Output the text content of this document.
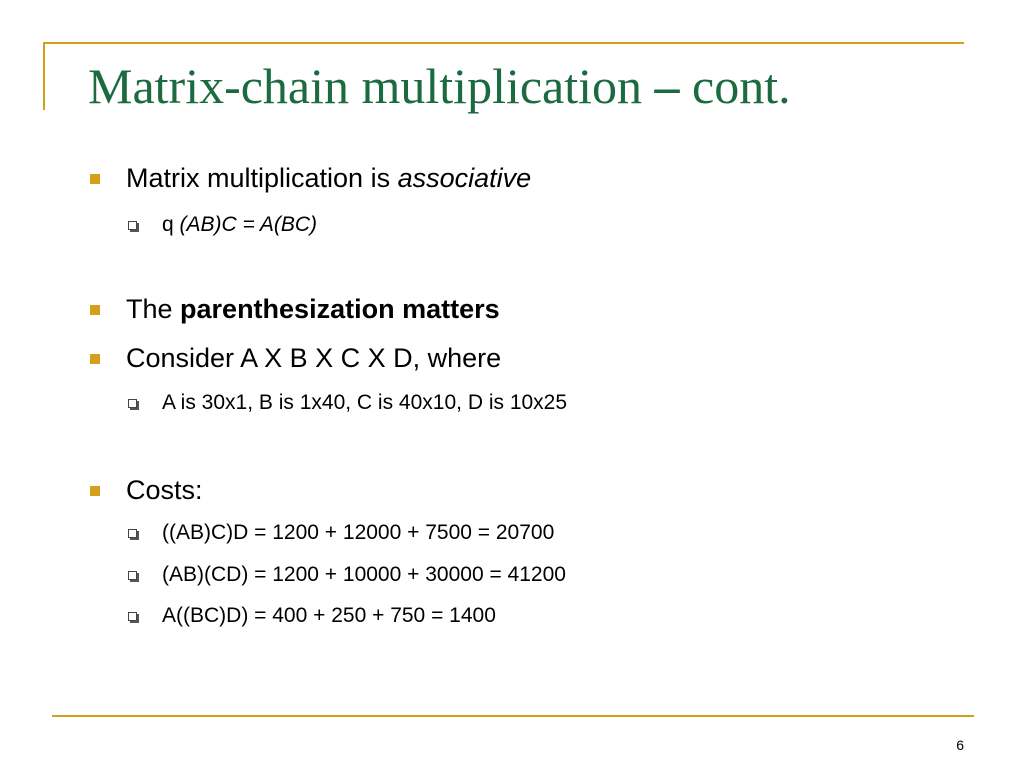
Matrix-chain multiplication – cont.
Matrix multiplication is associative
q (AB)C = A(BC)
The parenthesization matters
Consider A X B X C X D, where
A is 30x1, B is 1x40, C is 40x10, D is 10x25
Costs:
((AB)C)D = 1200 + 12000 + 7500 = 20700
(AB)(CD) = 1200 + 10000 + 30000 = 41200
A((BC)D) = 400 + 250 + 750 = 1400
6
